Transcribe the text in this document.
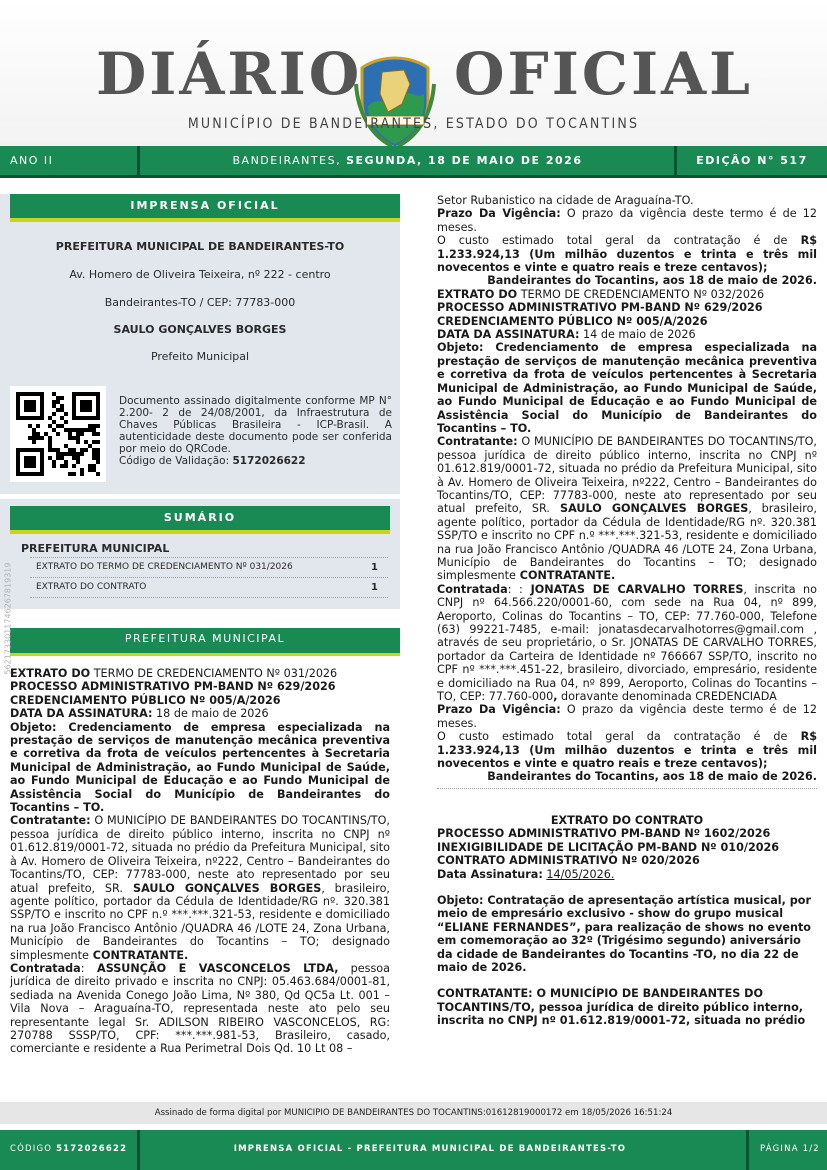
DIÁRIO OFICIAL
MUNICÍPIO DE BANDEIRANTES, ESTADO DO TOCANTINS
ANO II	BANDEIRANTES, SEGUNDA, 18 DE MAIO DE 2026	EDIÇÃO N° 517
IMPRENSA OFICIAL
PREFEITURA MUNICIPAL DE BANDEIRANTES-TO
Av. Homero de Oliveira Teixeira, nº 222 - centro
Bandeirantes-TO / CEP: 77783-000
SAULO GONÇALVES BORGES
Prefeito Municipal
Documento assinado digitalmente conforme MP N° 2.200- 2 de 24/08/2001, da Infraestrutura de Chaves Públicas Brasileira - ICP-Brasil. A autenticidade deste documento pode ser conferida por meio do QRCode.
Código de Validação: 5172026622
SUMÁRIO
PREFEITURA MUNICIPAL
EXTRATO DO TERMO DE CREDENCIAMENTO Nº 031/2026	1
EXTRATO DO CONTRATO	1
PREFEITURA MUNICIPAL
5621733011746267819319
EXTRATO DO TERMO DE CREDENCIAMENTO Nº 031/2026
PROCESSO ADMINISTRATIVO PM-BAND Nº 629/2026
CREDENCIAMENTO PÚBLICO Nº 005/A/2026
DATA DA ASSINATURA: 18 de maio de 2026
Objeto: Credenciamento de empresa especializada na prestação de serviços de manutenção mecânica preventiva e corretiva da frota de veículos pertencentes à Secretaria Municipal de Administração, ao Fundo Municipal de Saúde, ao Fundo Municipal de Educação e ao Fundo Municipal de Assistência Social do Município de Bandeirantes do Tocantins – TO.
Contratante: O MUNICÍPIO DE BANDEIRANTES DO TOCANTINS/TO, pessoa jurídica de direito público interno, inscrita no CNPJ nº 01.612.819/0001-72, situada no prédio da Prefeitura Municipal, sito à Av. Homero de Oliveira Teixeira, nº222, Centro – Bandeirantes do Tocantins/TO, CEP: 77783-000, neste ato representado por seu atual prefeito, SR. SAULO GONÇALVES BORGES, brasileiro, agente político, portador da Cédula de Identidade/RG nº. 320.381 SSP/TO e inscrito no CPF n.º ***.***.321-53, residente e domiciliado na rua João Francisco Antônio /QUADRA 46 /LOTE 24, Zona Urbana, Município de Bandeirantes do Tocantins – TO; designado simplesmente CONTRATANTE.
Contratada: ASSUNÇÃO E VASCONCELOS LTDA, pessoa jurídica de direito privado e inscrita no CNPJ: 05.463.684/0001-81, sediada na Avenida Conego João Lima, Nº 380, Qd QC5a Lt. 001 – Vila Nova – Araguaína-TO, representada neste ato pelo seu representante legal Sr. ADILSON RIBEIRO VASCONCELOS, RG: 270788 SSSP/TO, CPF: ***.***.981-53, Brasileiro, casado, comerciante e residente a Rua Perimetral Dois Qd. 10 Lt 08 –
Setor Rubanistico na cidade de Araguaína-TO.
Prazo Da Vigência: O prazo da vigência deste termo é de 12 meses.
O custo estimado total geral da contratação é de R$ 1.233.924,13 (Um milhão duzentos e trinta e três mil novecentos e vinte e quatro reais e treze centavos);
Bandeirantes do Tocantins, aos 18 de maio de 2026.
EXTRATO DO TERMO DE CREDENCIAMENTO Nº 032/2026
PROCESSO ADMINISTRATIVO PM-BAND Nº 629/2026
CREDENCIAMENTO PÚBLICO Nº 005/A/2026
DATA DA ASSINATURA: 14 de maio de 2026
Objeto: Credenciamento de empresa especializada na prestação de serviços de manutenção mecânica preventiva e corretiva da frota de veículos pertencentes à Secretaria Municipal de Administração, ao Fundo Municipal de Saúde, ao Fundo Municipal de Educação e ao Fundo Municipal de Assistência Social do Município de Bandeirantes do Tocantins – TO.
Contratante: O MUNICÍPIO DE BANDEIRANTES DO TOCANTINS/TO, pessoa jurídica de direito público interno, inscrita no CNPJ nº 01.612.819/0001-72, situada no prédio da Prefeitura Municipal, sito à Av. Homero de Oliveira Teixeira, nº222, Centro – Bandeirantes do Tocantins/TO, CEP: 77783-000, neste ato representado por seu atual prefeito, SR. SAULO GONÇALVES BORGES, brasileiro, agente político, portador da Cédula de Identidade/RG nº. 320.381 SSP/TO e inscrito no CPF n.º ***.***.321-53, residente e domiciliado na rua João Francisco Antônio /QUADRA 46 /LOTE 24, Zona Urbana, Município de Bandeirantes do Tocantins – TO; designado simplesmente CONTRATANTE.
Contratada: : JONATAS DE CARVALHO TORRES, inscrita no CNPJ nº 64.566.220/0001-60, com sede na Rua 04, nº 899, Aeroporto, Colinas do Tocantins – TO, CEP: 77.760-000, Telefone (63) 99221-7485, e-mail: jonatasdecarvalhotorres@gmail.com , através de seu proprietário, o Sr. JONATAS DE CARVALHO TORRES, portador da Carteira de Identidade nº 766667 SSP/TO, inscrito no CPF nº ***.***.451-22, brasileiro, divorciado, empresário, residente e domiciliado na Rua 04, nº 899, Aeroporto, Colinas do Tocantins – TO, CEP: 77.760-000, doravante denominada CREDENCIADA
Prazo Da Vigência: O prazo da vigência deste termo é de 12 meses.
O custo estimado total geral da contratação é de R$ 1.233.924,13 (Um milhão duzentos e trinta e três mil novecentos e vinte e quatro reais e treze centavos);
Bandeirantes do Tocantins, aos 18 de maio de 2026.
EXTRATO DO CONTRATO
PROCESSO ADMINISTRATIVO PM-BAND Nº 1602/2026
INEXIGIBILIDADE DE LICITAÇÃO PM-BAND Nº 010/2026
CONTRATO ADMINISTRATIVO Nº 020/2026
Data Assinatura: 14/05/2026.
Objeto: Contratação de apresentação artística musical, por meio de empresário exclusivo - show do grupo musical “ELIANE FERNANDES”, para realização de shows no evento em comemoração ao 32º (Trigésimo segundo) aniversário da cidade de Bandeirantes do Tocantins -TO, no dia 22 de maio de 2026.
CONTRATANTE: O MUNICÍPIO DE BANDEIRANTES DO TOCANTINS/TO, pessoa jurídica de direito público interno, inscrita no CNPJ nº 01.612.819/0001-72, situada no prédio
Assinado de forma digital por MUNICIPIO DE BANDEIRANTES DO TOCANTINS:01612819000172 em 18/05/2026 16:51:24
CÓDIGO 5172026622	IMPRENSA OFICIAL - PREFEITURA MUNICIPAL DE BANDEIRANTES-TO	PÁGINA 1/2
